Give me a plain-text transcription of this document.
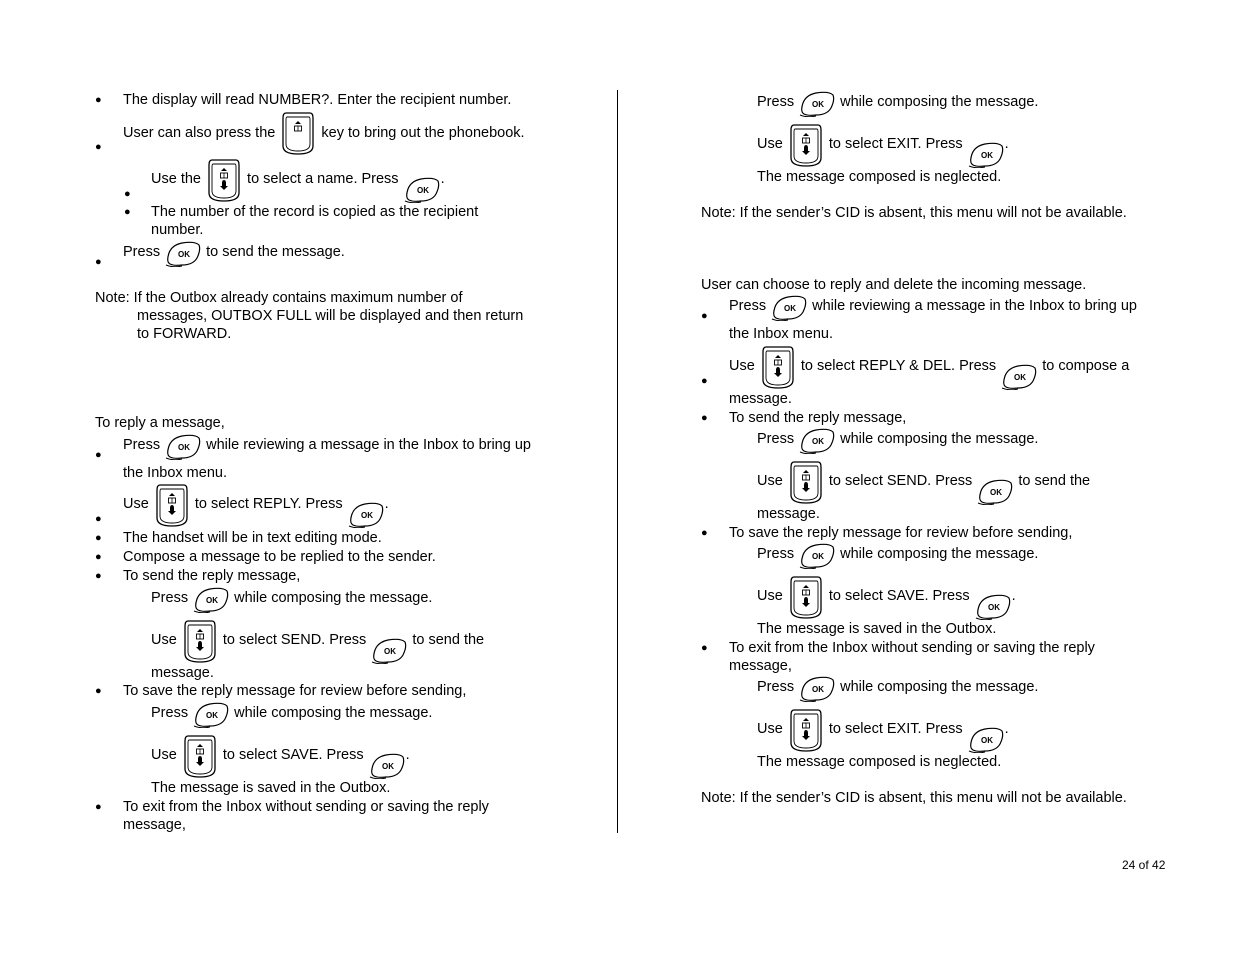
● The display will read NUMBER?. Enter the recipient number.
●
User can also press the	key to bring out the phonebook.
●
Use the	to select a name. Press
OK
.
● The number of the record is copied as the recipient
number.
●
Press OK to send the message.
Note: If the Outbox already contains maximum number of
messages, OUTBOX FULL will be displayed and then return
to FORWARD.
To reply a message,
●
Press OK while reviewing a message in the Inbox to bring up
the Inbox menu.
●
Use	to select REPLY. Press
OK
.
● The handset will be in text editing mode.
● Compose a message to be replied to the sender.
● To send the reply message,
Press OK while composing the message.
Use	to select SEND. Press
OK
to send the
message.
● To save the reply message for review before sending,
Press OK while composing the message.
Use	to select SAVE. Press
OK
.
The message is saved in the Outbox.
● To exit from the Inbox without sending or saving the reply
message,
Press OK while composing the message.
Use	to select EXIT. Press
OK
.
The message composed is neglected.
Note: If the sender’s CID is absent, this menu will not be available.
User can choose to reply and delete the incoming message.
●
Press OK while reviewing a message in the Inbox to bring up
the Inbox menu.
●
Use	to select REPLY & DEL. Press
OK
to compose a
message.
● To send the reply message,
Press OK while composing the message.
Use	to select SEND. Press
OK
to send the
message.
● To save the reply message for review before sending,
Press OK while composing the message.
Use	to select SAVE. Press
OK
.
The message is saved in the Outbox.
● To exit from the Inbox without sending or saving the reply
message,
Press OK while composing the message.
Use	to select EXIT. Press
OK
.
The message composed is neglected.
Note: If the sender’s CID is absent, this menu will not be available.
24 of 42
